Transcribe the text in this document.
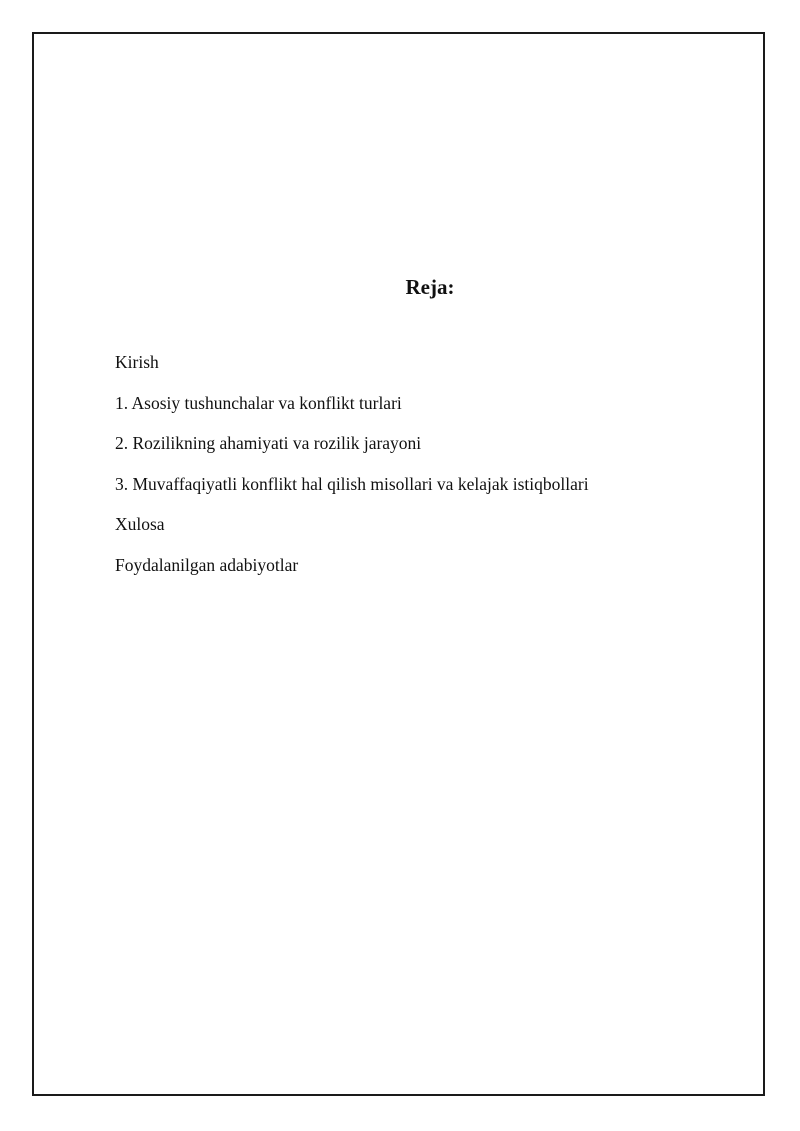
Reja:
Kirish
1. Asosiy tushunchalar va konflikt turlari
2. Rozilikning ahamiyati va rozilik jarayoni
3. Muvaffaqiyatli konflikt hal qilish misollari va kelajak istiqbollari
Xulosa
Foydalanilgan adabiyotlar
